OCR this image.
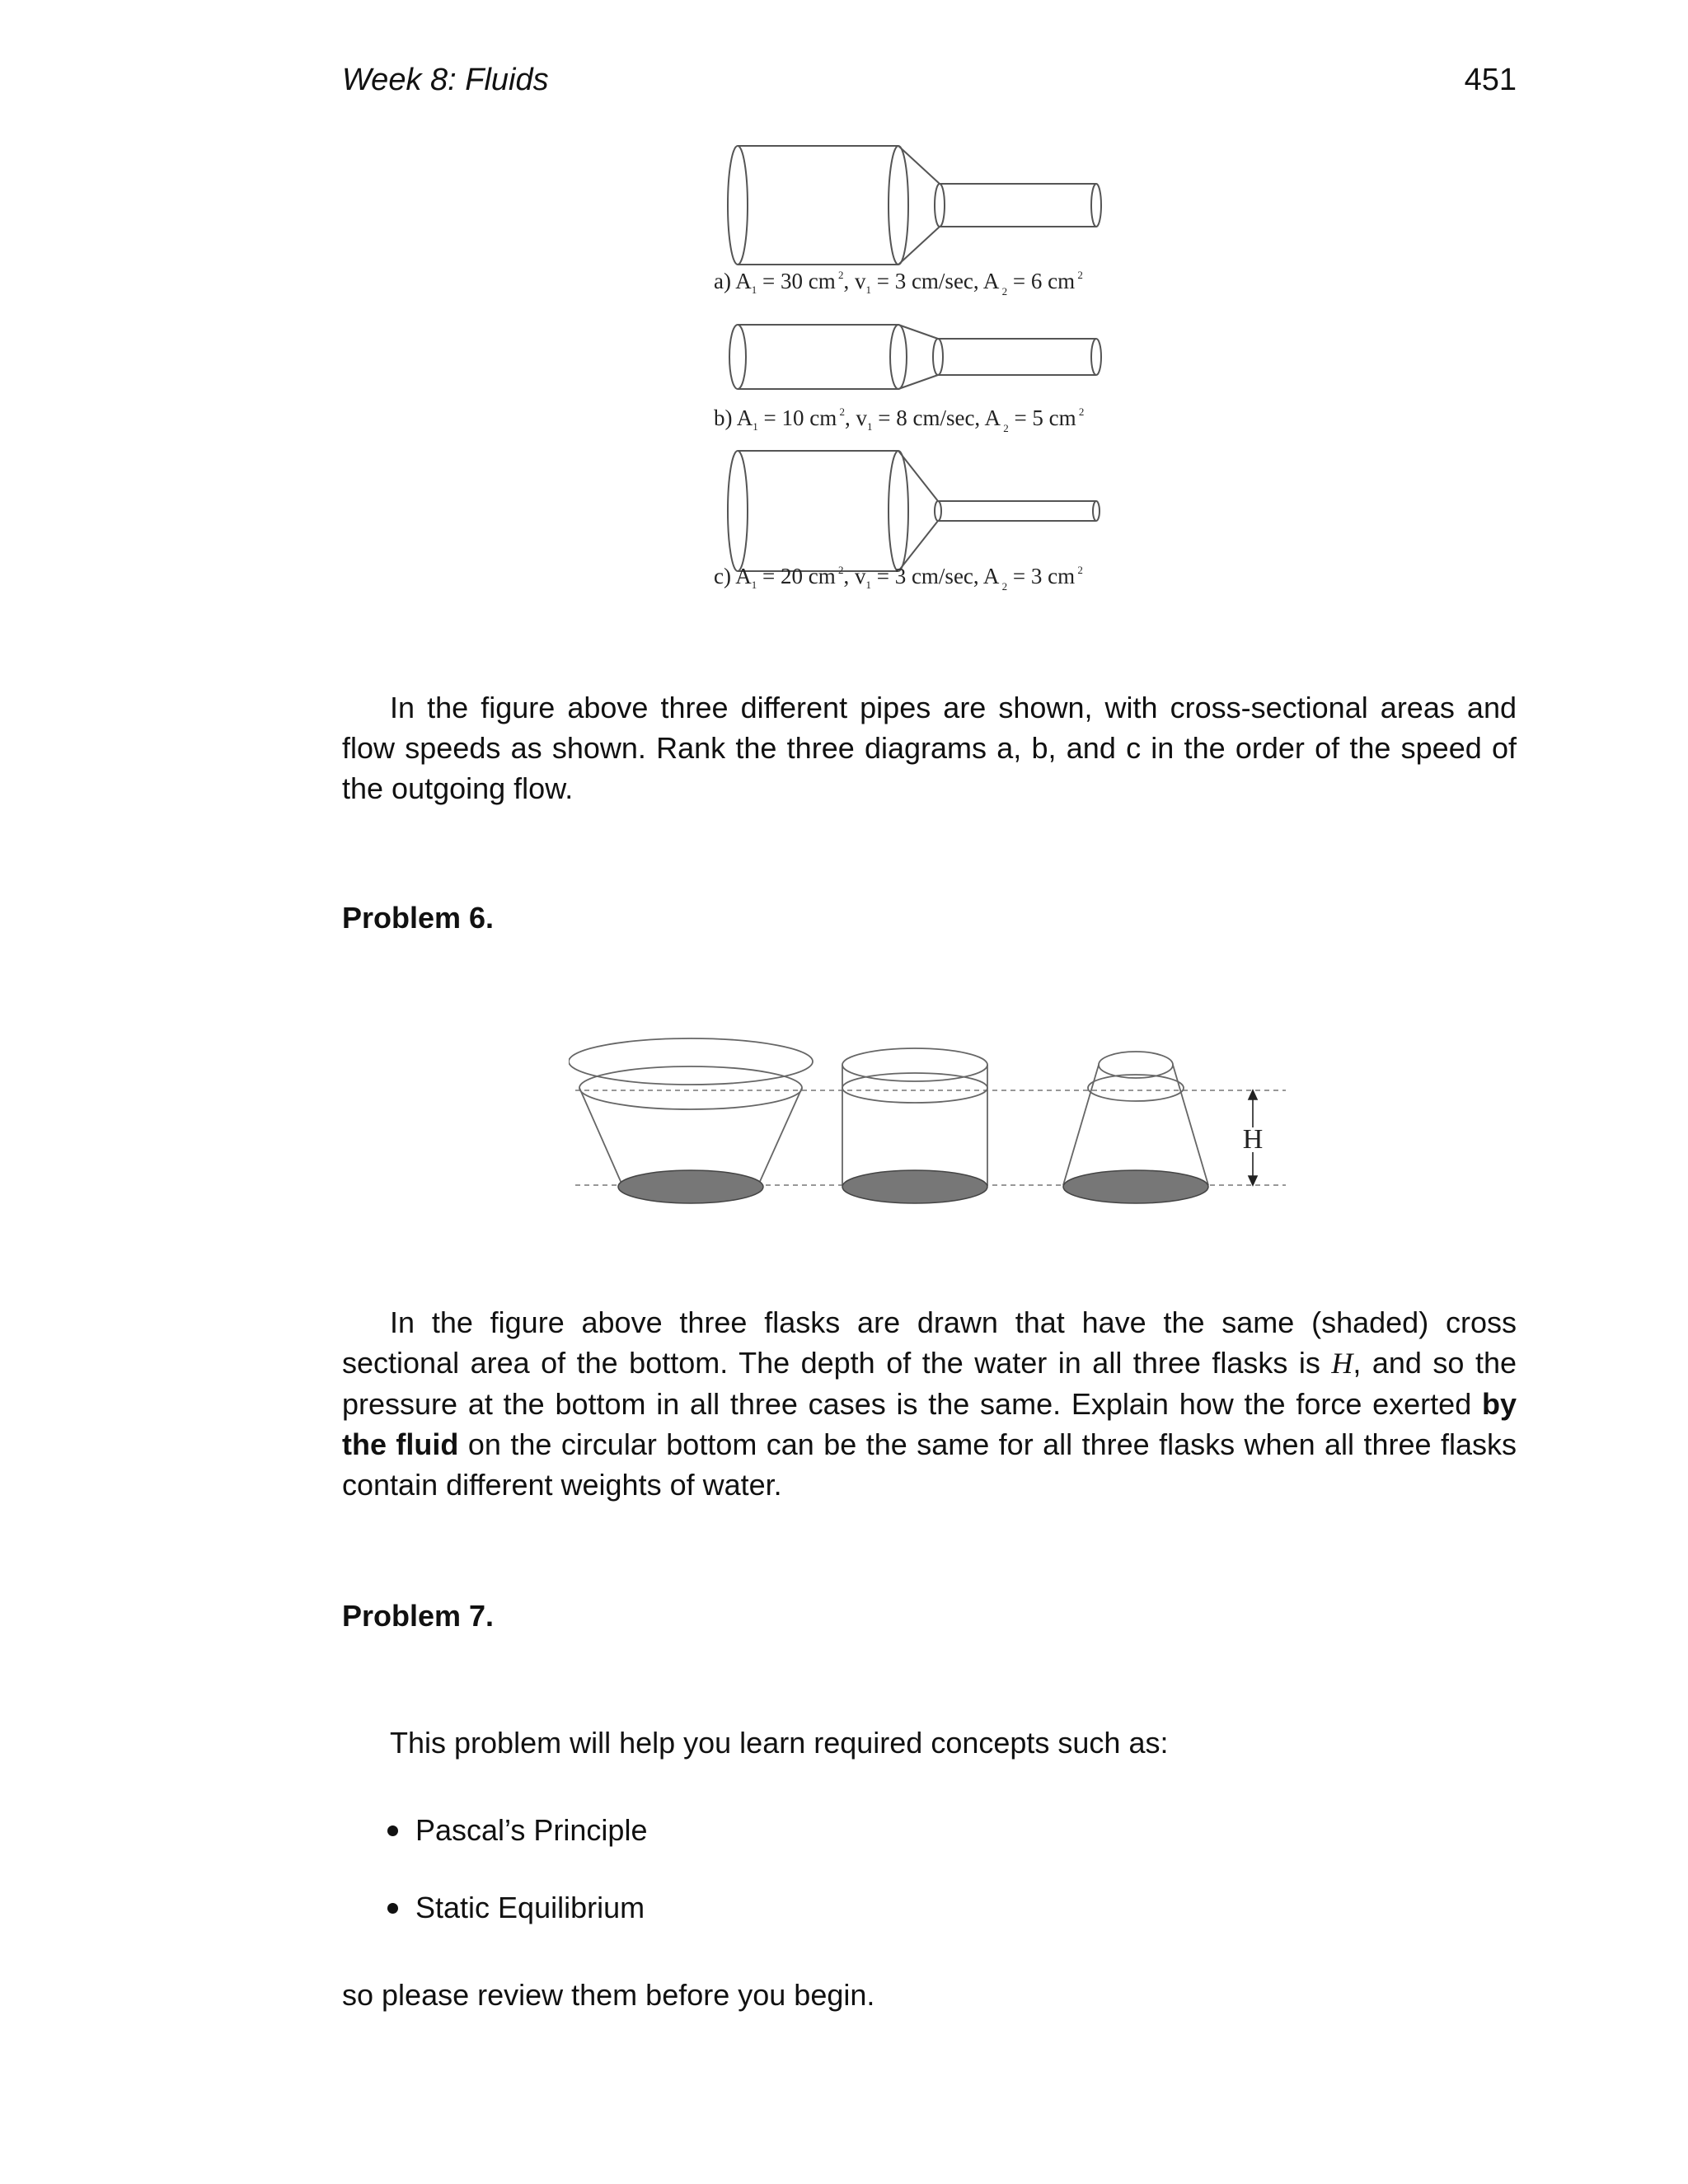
Week 8: Fluids	451
a) $A_1 = 30$ cm $^2$, $v_1 = 3$ cm/sec, A $_2$ = 6 cm $^2$
b) $A_1 = 10$ cm $^2$, $v_1 = 8$ cm/sec, A $_2$ = 5 cm $^2$
c) $A_1 = 20$ cm $^2$, $v_1 = 3$ cm/sec, A $_2$ = 3 cm $^2$

In the figure above three different pipes are shown, with cross-sectional areas and flow speeds as shown. Rank the three diagrams a, b, and c in the order of the speed of the outgoing flow.

Problem 6.
H

In the figure above three flasks are drawn that have the same (shaded) cross sectional area of the bottom. The depth of the water in all three flasks is H, and so the pressure at the bottom in all three cases is the same. Explain how the force exerted by the fluid on the circular bottom can be the same for all three flasks when all three flasks contain different weights of water.

Problem 7.

This problem will help you learn required concepts such as:

Pascal’s Principle
Static Equilibrium

so please review them before you begin.
